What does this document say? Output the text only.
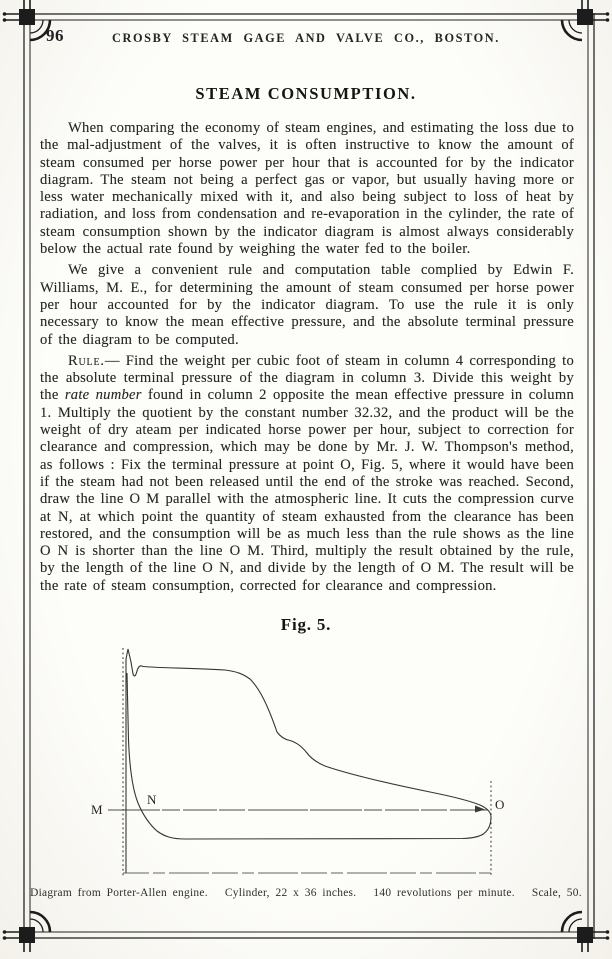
96	CROSBY STEAM GAGE AND VALVE CO., BOSTON.
STEAM CONSUMPTION.

When comparing the economy of steam engines, and estimating the loss due to the mal-adjustment of the valves, it is often instructive to know the amount of steam consumed per horse power per hour that is accounted for by the indicator diagram. The steam not being a perfect gas or vapor, but usually having more or less water mechanically mixed with it, and also being subject to loss of heat by radiation, and loss from condensation and re-evaporation in the cylinder, the rate of steam consumption shown by the indicator diagram is almost always considerably below the actual rate found by weighing the water fed to the boiler.

We give a convenient rule and computation table complied by Edwin F. Williams, M. E., for determining the amount of steam consumed per horse power per hour accounted for by the indicator diagram. To use the rule it is only necessary to know the mean effective pressure, and the absolute terminal pressure of the diagram to be computed.

Rule.— Find the weight per cubic foot of steam in column 4 corresponding to the absolute terminal pressure of the diagram in column 3. Divide this weight by the rate number found in column 2 opposite the mean effective pressure in column 1. Multiply the quotient by the constant number 32.32, and the product will be the weight of dry ateam per indicated horse power per hour, subject to correction for clearance and compression, which may be done by Mr. J. W. Thompson's method, as follows : Fix the terminal pressure at point O, Fig. 5, where it would have been if the steam had not been released until the end of the stroke was reached. Second, draw the line O M parallel with the atmospheric line. It cuts the compression curve at N, at which point the quantity of steam exhausted from the clearance has been restored, and the consumption will be as much less than the rule shows as the line O N is shorter than the line O M. Third, multiply the result obtained by the rule, by the length of the line O N, and divide by the length of O M. The result will be the rate of steam consumption, corrected for clearance and compression.

Fig. 5.
M
N	O
Diagram from Porter-Allen engine.   Cylinder, 22 x 36 inches.   140 revolutions per minute.   Scale, 50.
